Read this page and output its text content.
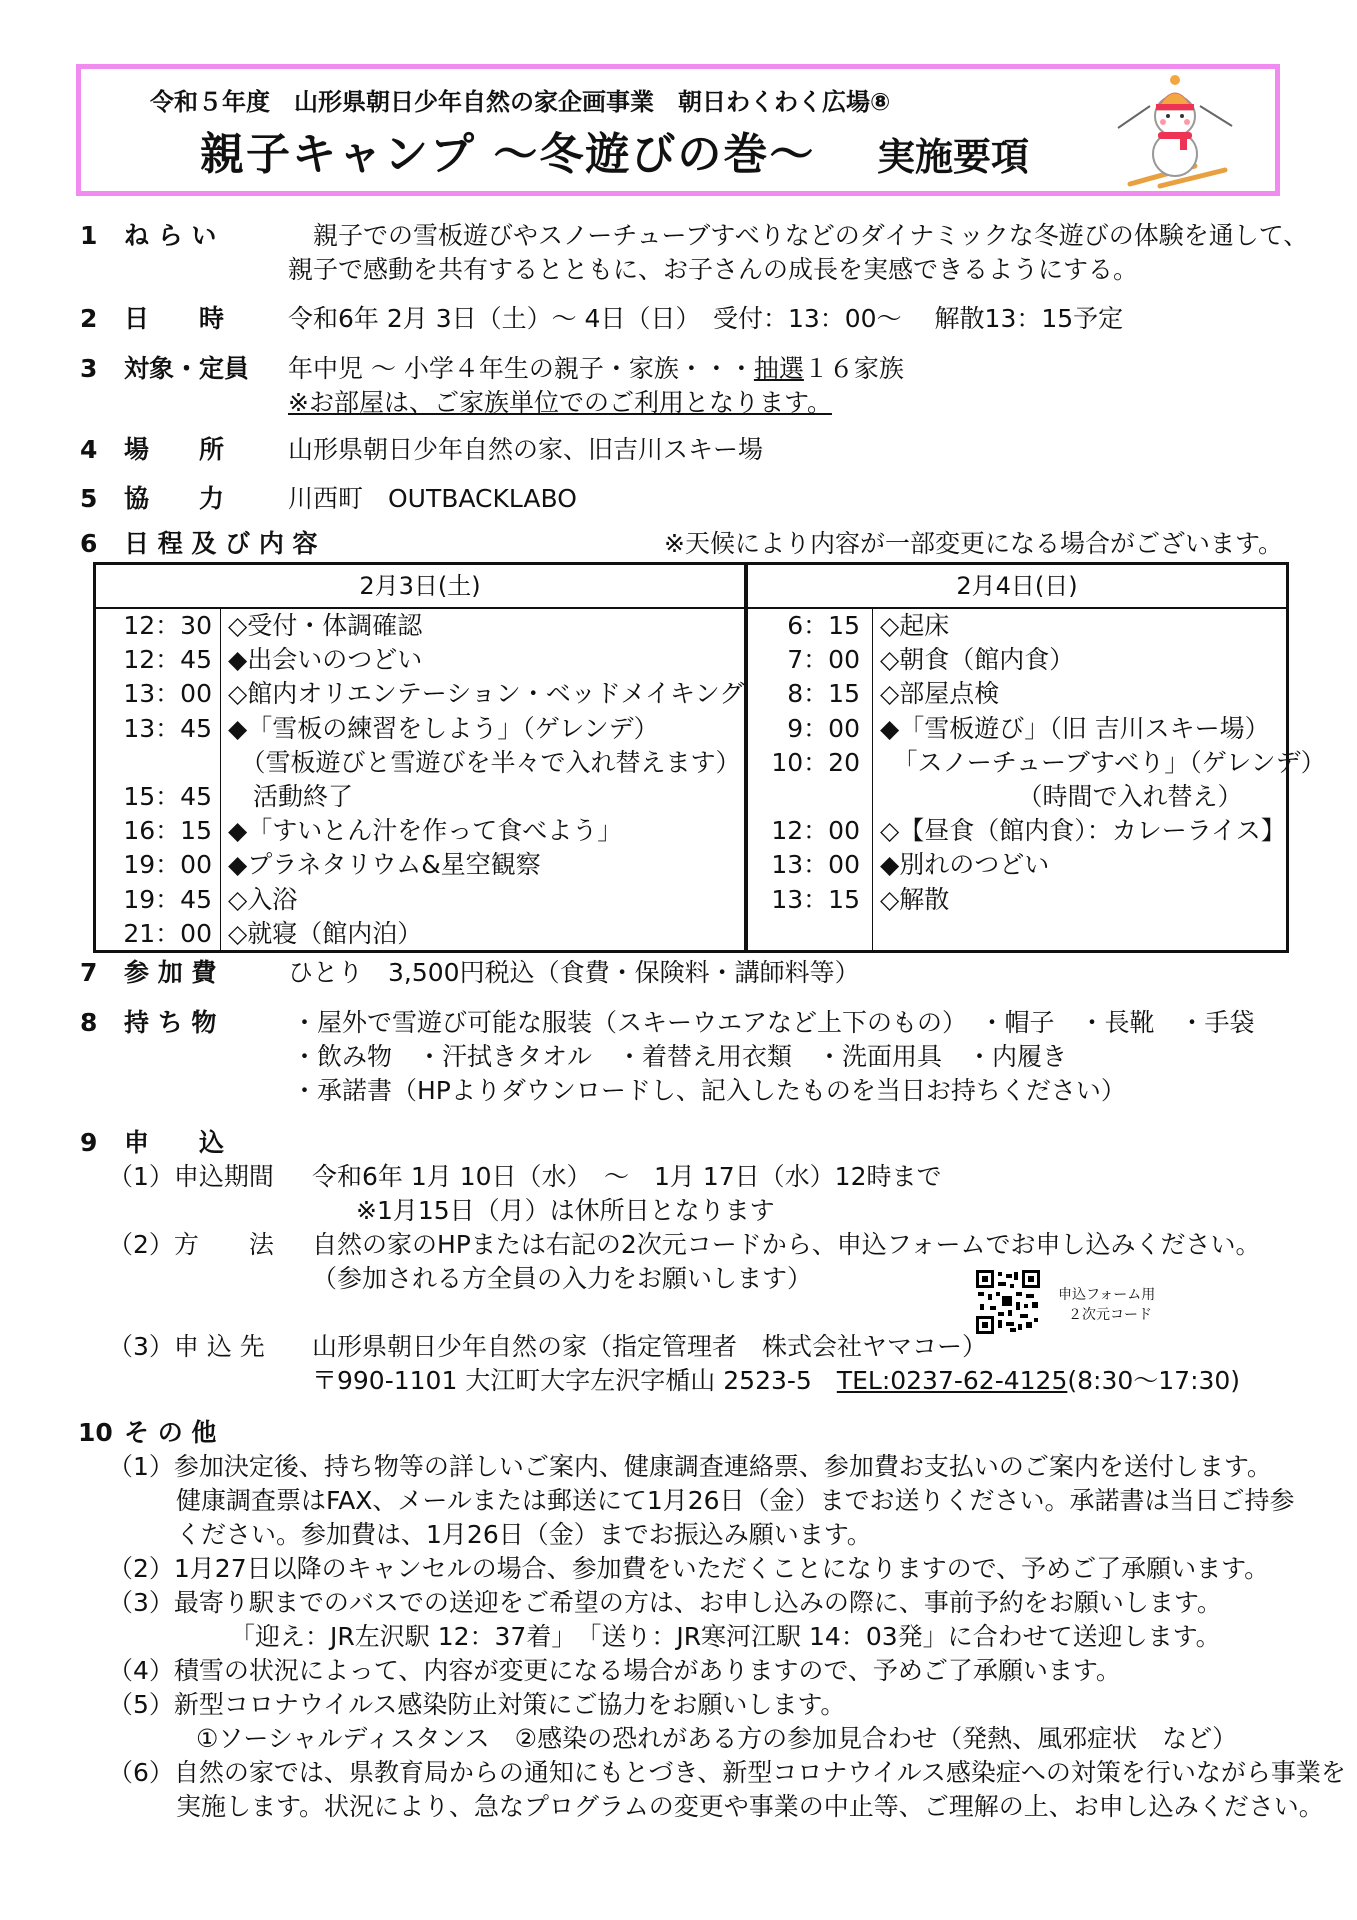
令和５年度　山形県朝日少年自然の家企画事業　朝日わくわく広場⑧
親子キャンプ ～冬遊びの巻～ 実施要項
1 ね ら い	　親子での雪板遊びやスノーチューブすべりなどのダイナミックな冬遊びの体験を通して、
親子で感動を共有するとともに、お子さんの成長を実感できるようにする。
2 日　　時	令和6年 2月 3日（土）～ 4日（日）　受付：13：00～　 解散13：15予定
3 対象・定員 年中児 ～ 小学４年生の親子・家族・・・抽選１６家族
※お部屋は、ご家族単位でのご利用となります。
4 場　　所	山形県朝日少年自然の家、旧吉川スキー場
5 協　　力	川西町　OUTBACKLABO
6 日 程 及 び 内 容	※天候により内容が一部変更になる場合がございます。
2月3日(土)	2月4日(日)
12：30 ◇受付・体調確認
12：45 ◆出会いのつどい
13：00 ◇館内オリエンテーション・ベッドメイキング
13：45 ◆「雪板の練習をしよう」（ゲレンデ）
　（雪板遊びと雪遊びを半々で入れ替えます）
15：45 　活動終了
16：15 ◆「すいとん汁を作って食べよう」
19：00 ◆プラネタリウム&星空観察
19：45 ◇入浴
21：00 ◇就寝（館内泊）
6：15 ◇起床
7：00 ◇朝食（館内食）
8：15 ◇部屋点検
9：00 ◆「雪板遊び」（旧 吉川スキー場）
10：20 　「スノーチューブすべり」（ゲレンデ）
　　　　　　（時間で入れ替え）
12：00 ◇【昼食（館内食）：カレーライス】
13：00 ◆別れのつどい
13：15 ◇解散
7 参 加 費	ひとり　3,500円税込（食費・保険料・講師料等）
8 持 ち 物	・屋外で雪遊び可能な服装（スキーウエアなど上下のもの）　・帽子　・長靴　・手袋
・飲み物　・汗拭きタオル　・着替え用衣類　・洗面用具　・内履き
・承諾書（HPよりダウンロードし、記入したものを当日お持ちください）
9 申　　込
（1）申込期間 令和6年 1月 10日（水）　～　1月 17日（水）12時まで
※1月15日（月）は休所日となります
（2）方　　法 自然の家のHPまたは右記の2次元コードから、申込フォームでお申し込みください。
（参加される方全員の入力をお願いします）
申込フォーム用
２次元コード
（3）申 込 先 山形県朝日少年自然の家（指定管理者　株式会社ヤマコー）
〒990-1101 大江町大字左沢字楯山 2523-5　 TEL:0237-62-4125(8:30～17:30)
10 そ の 他
（1）参加決定後、持ち物等の詳しいご案内、健康調査連絡票、参加費お支払いのご案内を送付します。
健康調査票はFAX、メールまたは郵送にて1月26日（金）までお送りください。承諾書は当日ご持参
ください。参加費は、1月26日（金）までお振込み願います。
（2）1月27日以降のキャンセルの場合、参加費をいただくことになりますので、予めご了承願います。
（3）最寄り駅までのバスでの送迎をご希望の方は、お申し込みの際に、事前予約をお願いします。
「迎え：JR左沢駅 12：37着」　「送り：JR寒河江駅 14：03発」に合わせて送迎します。
（4）積雪の状況によって、内容が変更になる場合がありますので、予めご了承願います。
（5）新型コロナウイルス感染防止対策にご協力をお願いします。
①ソーシャルディスタンス　②感染の恐れがある方の参加見合わせ（発熱、風邪症状　など）
（6）自然の家では、県教育局からの通知にもとづき、新型コロナウイルス感染症への対策を行いながら事業を
実施します。状況により、急なプログラムの変更や事業の中止等、ご理解の上、お申し込みください。
